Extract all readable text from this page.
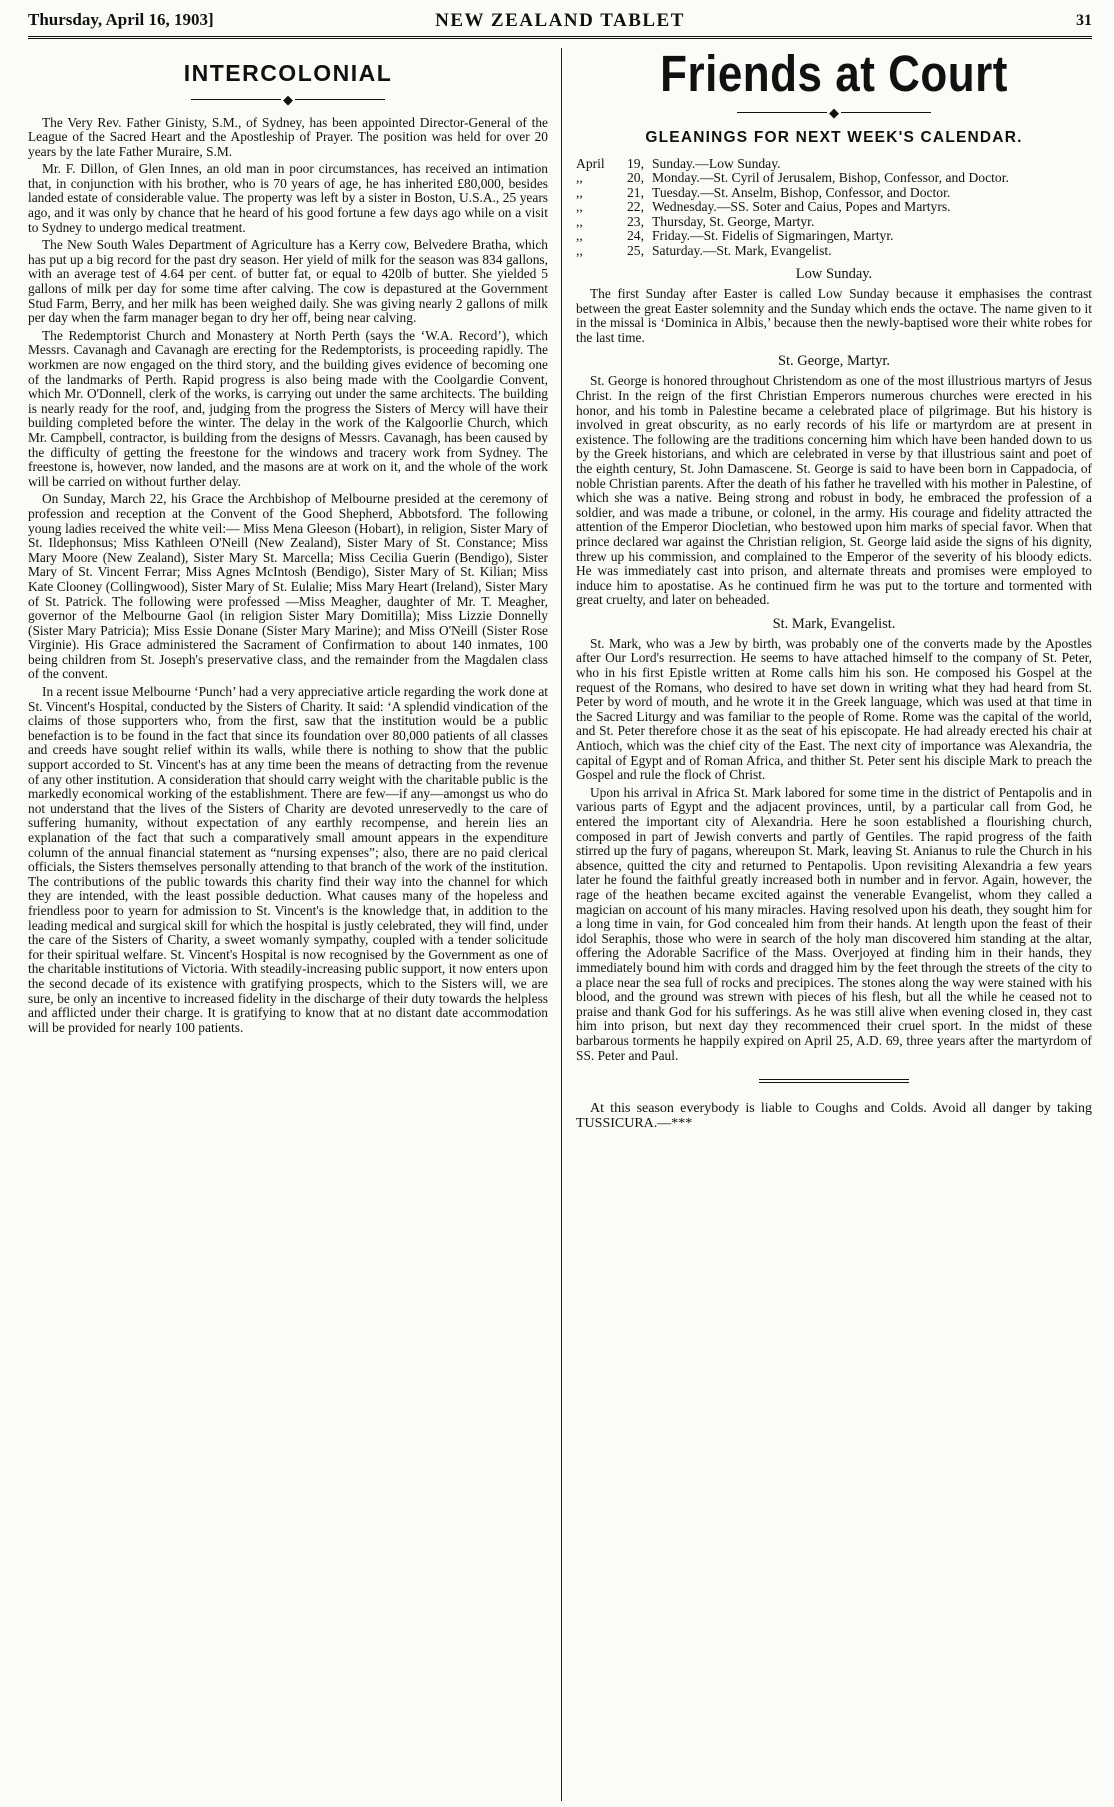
Thursday, April 16, 1903]	NEW ZEALAND TABLET	31
INTERCOLONIAL
◆

The Very Rev. Father Ginisty, S.M., of Sydney, has been appointed Director-General of the League of the Sacred Heart and the Apostleship of Prayer. The position was held for over 20 years by the late Father Muraire, S.M.

Mr. F. Dillon, of Glen Innes, an old man in poor circumstances, has received an intimation that, in conjunction with his brother, who is 70 years of age, he has inherited £80,000, besides landed estate of considerable value. The property was left by a sister in Boston, U.S.A., 25 years ago, and it was only by chance that he heard of his good fortune a few days ago while on a visit to Sydney to undergo medical treatment.

The New South Wales Department of Agriculture has a Kerry cow, Belvedere Bratha, which has put up a big record for the past dry season. Her yield of milk for the season was 834 gallons, with an average test of 4.64 per cent. of butter fat, or equal to 420lb of butter. She yielded 5 gallons of milk per day for some time after calving. The cow is depastured at the Government Stud Farm, Berry, and her milk has been weighed daily. She was giving nearly 2 gallons of milk per day when the farm manager began to dry her off, being near calving.

The Redemptorist Church and Monastery at North Perth (says the ‘W.A. Record’), which Messrs. Cavanagh and Cavanagh are erecting for the Redemptorists, is proceeding rapidly. The workmen are now engaged on the third story, and the building gives evidence of becoming one of the landmarks of Perth. Rapid progress is also being made with the Coolgardie Convent, which Mr. O'Donnell, clerk of the works, is carrying out under the same architects. The building is nearly ready for the roof, and, judging from the progress the Sisters of Mercy will have their building completed before the winter. The delay in the work of the Kalgoorlie Church, which Mr. Campbell, contractor, is building from the designs of Messrs. Cavanagh, has been caused by the difficulty of getting the freestone for the windows and tracery work from Sydney. The freestone is, however, now landed, and the masons are at work on it, and the whole of the work will be carried on without further delay.

On Sunday, March 22, his Grace the Archbishop of Melbourne presided at the ceremony of profession and reception at the Convent of the Good Shepherd, Abbotsford. The following young ladies received the white veil:— Miss Mena Gleeson (Hobart), in religion, Sister Mary of St. Ildephonsus; Miss Kathleen O'Neill (New Zealand), Sister Mary of St. Constance; Miss Mary Moore (New Zealand), Sister Mary St. Marcella; Miss Cecilia Guerin (Bendigo), Sister Mary of St. Vincent Ferrar; Miss Agnes McIntosh (Bendigo), Sister Mary of St. Kilian; Miss Kate Clooney (Collingwood), Sister Mary of St. Eulalie; Miss Mary Heart (Ireland), Sister Mary of St. Patrick. The following were professed —Miss Meagher, daughter of Mr. T. Meagher, governor of the Melbourne Gaol (in religion Sister Mary Domitilla); Miss Lizzie Donnelly (Sister Mary Patricia); Miss Essie Donane (Sister Mary Marine); and Miss O'Neill (Sister Rose Virginie). His Grace administered the Sacrament of Confirmation to about 140 inmates, 100 being children from St. Joseph's preservative class, and the remainder from the Magdalen class of the convent.

In a recent issue Melbourne ‘Punch’ had a very appreciative article regarding the work done at St. Vincent's Hospital, conducted by the Sisters of Charity. It said: ‘A splendid vindication of the claims of those supporters who, from the first, saw that the institution would be a public benefaction is to be found in the fact that since its foundation over 80,000 patients of all classes and creeds have sought relief within its walls, while there is nothing to show that the public support accorded to St. Vincent's has at any time been the means of detracting from the revenue of any other institution. A consideration that should carry weight with the charitable public is the markedly economical working of the establishment. There are few—if any—amongst us who do not understand that the lives of the Sisters of Charity are devoted unreservedly to the care of suffering humanity, without expectation of any earthly recompense, and herein lies an explanation of the fact that such a comparatively small amount appears in the expenditure column of the annual financial statement as “nursing expenses”; also, there are no paid clerical officials, the Sisters themselves personally attending to that branch of the work of the institution. The contributions of the public towards this charity find their way into the channel for which they are intended, with the least possible deduction. What causes many of the hopeless and friendless poor to yearn for admission to St. Vincent's is the knowledge that, in addition to the leading medical and surgical skill for which the hospital is justly celebrated, they will find, under the care of the Sisters of Charity, a sweet womanly sympathy, coupled with a tender solicitude for their spiritual welfare. St. Vincent's Hospital is now recognised by the Government as one of the charitable institutions of Victoria. With steadily-increasing public support, it now enters upon the second decade of its existence with gratifying prospects, which to the Sisters will, we are sure, be only an incentive to increased fidelity in the discharge of their duty towards the helpless and afflicted under their charge. It is gratifying to know that at no distant date accommodation will be provided for nearly 100 patients.

Friends at Court
◆
GLEANINGS FOR NEXT WEEK'S CALENDAR.
April	19,	Sunday.—Low Sunday.
,,	20,	Monday.—St. Cyril of Jerusalem, Bishop, Confessor, and Doctor.
,,	21,	Tuesday.—St. Anselm, Bishop, Confessor, and Doctor.
,,	22,	Wednesday.—SS. Soter and Caius, Popes and Martyrs.
,,	23,	Thursday, St. George, Martyr.
,,	24,	Friday.—St. Fidelis of Sigmaringen, Martyr.
,,	25,	Saturday.—St. Mark, Evangelist.
Low Sunday.

The first Sunday after Easter is called Low Sunday because it emphasises the contrast between the great Easter solemnity and the Sunday which ends the octave. The name given to it in the missal is ‘Dominica in Albis,’ because then the newly-baptised wore their white robes for the last time.

St. George, Martyr.

St. George is honored throughout Christendom as one of the most illustrious martyrs of Jesus Christ. In the reign of the first Christian Emperors numerous churches were erected in his honor, and his tomb in Palestine became a celebrated place of pilgrimage. But his history is involved in great obscurity, as no early records of his life or martyrdom are at present in existence. The following are the traditions concerning him which have been handed down to us by the Greek historians, and which are celebrated in verse by that illustrious saint and poet of the eighth century, St. John Damascene. St. George is said to have been born in Cappadocia, of noble Christian parents. After the death of his father he travelled with his mother in Palestine, of which she was a native. Being strong and robust in body, he embraced the profession of a soldier, and was made a tribune, or colonel, in the army. His courage and fidelity attracted the attention of the Emperor Diocletian, who bestowed upon him marks of special favor. When that prince declared war against the Christian religion, St. George laid aside the signs of his dignity, threw up his commission, and complained to the Emperor of the severity of his bloody edicts. He was immediately cast into prison, and alternate threats and promises were employed to induce him to apostatise. As he continued firm he was put to the torture and tormented with great cruelty, and later on beheaded.

St. Mark, Evangelist.

St. Mark, who was a Jew by birth, was probably one of the converts made by the Apostles after Our Lord's resurrection. He seems to have attached himself to the company of St. Peter, who in his first Epistle written at Rome calls him his son. He composed his Gospel at the request of the Romans, who desired to have set down in writing what they had heard from St. Peter by word of mouth, and he wrote it in the Greek language, which was used at that time in the Sacred Liturgy and was familiar to the people of Rome. Rome was the capital of the world, and St. Peter therefore chose it as the seat of his episcopate. He had already erected his chair at Antioch, which was the chief city of the East. The next city of importance was Alexandria, the capital of Egypt and of Roman Africa, and thither St. Peter sent his disciple Mark to preach the Gospel and rule the flock of Christ.

Upon his arrival in Africa St. Mark labored for some time in the district of Pentapolis and in various parts of Egypt and the adjacent provinces, until, by a particular call from God, he entered the important city of Alexandria. Here he soon established a flourishing church, composed in part of Jewish converts and partly of Gentiles. The rapid progress of the faith stirred up the fury of pagans, whereupon St. Mark, leaving St. Anianus to rule the Church in his absence, quitted the city and returned to Pentapolis. Upon revisiting Alexandria a few years later he found the faithful greatly increased both in number and in fervor. Again, however, the rage of the heathen became excited against the venerable Evangelist, whom they called a magician on account of his many miracles. Having resolved upon his death, they sought him for a long time in vain, for God concealed him from their hands. At length upon the feast of their idol Seraphis, those who were in search of the holy man discovered him standing at the altar, offering the Adorable Sacrifice of the Mass. Overjoyed at finding him in their hands, they immediately bound him with cords and dragged him by the feet through the streets of the city to a place near the sea full of rocks and precipices. The stones along the way were stained with his blood, and the ground was strewn with pieces of his flesh, but all the while he ceased not to praise and thank God for his sufferings. As he was still alive when evening closed in, they cast him into prison, but next day they recommenced their cruel sport. In the midst of these barbarous torments he happily expired on April 25, A.D. 69, three years after the martyrdom of SS. Peter and Paul.

At this season everybody is liable to Coughs and Colds. Avoid all danger by taking TUSSICURA.—***
